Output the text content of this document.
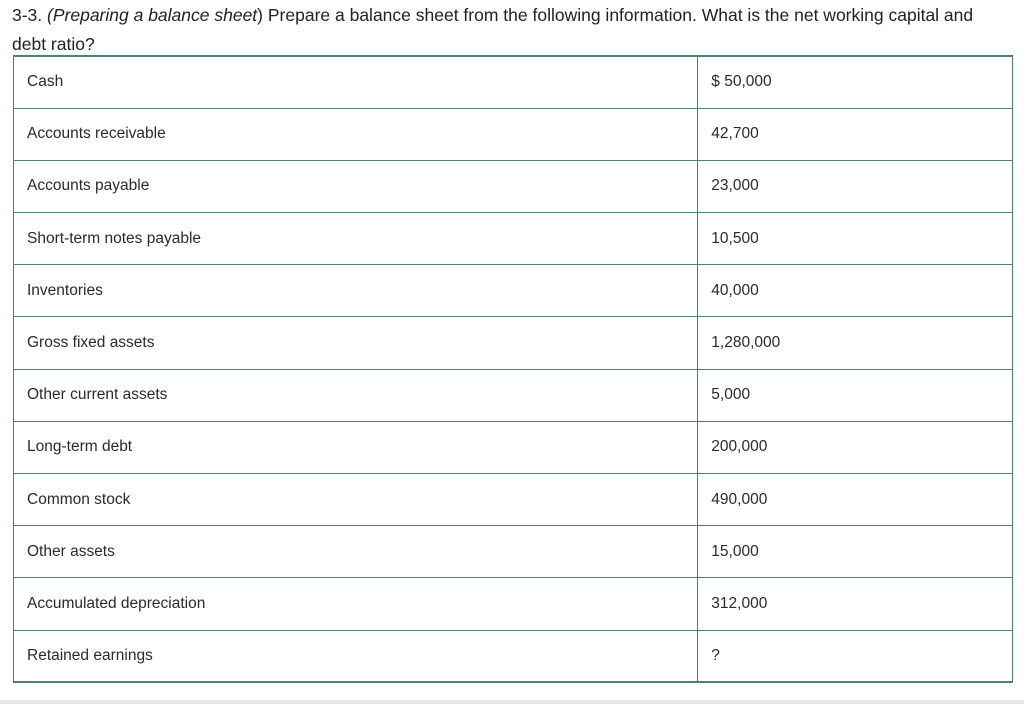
3-3. (Preparing a balance sheet) Prepare a balance sheet from the following information. What is the net working capital and debt ratio?
Cash	$ 50,000
Accounts receivable	42,700
Accounts payable	23,000
Short-term notes payable	10,500
Inventories	40,000
Gross fixed assets	1,280,000
Other current assets	5,000
Long-term debt	200,000
Common stock	490,000
Other assets	15,000
Accumulated depreciation	312,000
Retained earnings	?
